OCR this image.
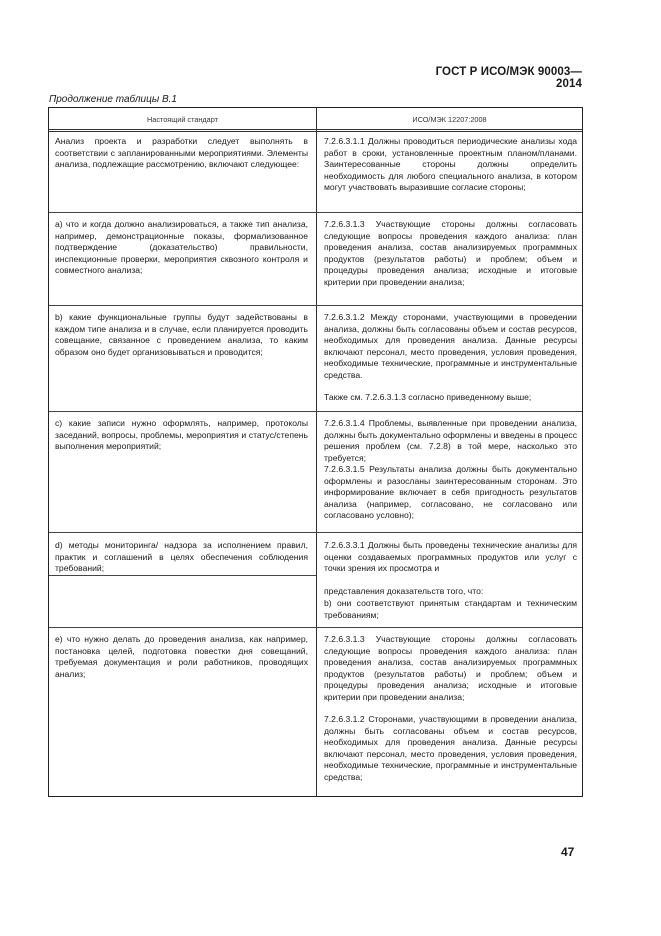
ГОСТ Р ИСО/МЭК 90003—2014
Продолжение таблицы В.1
Настоящий стандарт	ИСО/МЭК 12207:2008
Анализ проекта и разработки следует выполнять в соответствии с запланированными мероприятиями. Элементы анализа, подлежащие рассмотрению, включают следующее:
7.2.6.3.1.1 Должны проводиться периодические анализы хода работ в сроки, установленные проектным планом/планами. Заинтересованные стороны должны определить необходимость для любого специального анализа, в котором могут участвовать выразившие согласие стороны;
a) что и когда должно анализироваться, а также тип анализа, например, демонстрационные показы, формализованное подтверждение (доказательство) правильности, инспекционные проверки, мероприятия сквозного контроля и совместного анализа;
7.2.6.3.1.3 Участвующие стороны должны согласовать следующие вопросы проведения каждого анализа: план проведения анализа, состав анализируемых программных продуктов (результатов работы) и проблем; объем и процедуры проведения анализа; исходные и итоговые критерии при проведении анализа;
b) какие функциональные группы будут задействованы в каждом типе анализа и в случае, если планируется проводить совещание, связанное с проведением анализа, то каким образом оно будет организовываться и проводится;
7.2.6.3.1.2 Между сторонами, участвующими в проведении анализа, должны быть согласованы объем и состав ресурсов, необходимых для проведения анализа. Данные ресурсы включают персонал, место проведения, условия проведения, необходимые технические, программные и инструментальные средства.
Также см. 7.2.6.3.1.3 согласно приведенному выше;
c) какие записи нужно оформлять, например, протоколы заседаний, вопросы, проблемы, мероприятия и статус/степень выполнения мероприятий;
7.2.6.3.1.4 Проблемы, выявленные при проведении анализа, должны быть документально оформлены и введены в процесс решения проблем (см. 7.2.8) в той мере, насколько это требуется;
7.2.6.3.1.5 Результаты анализа должны быть документально оформлены и разосланы заинтересованным сторонам. Это информирование включает в себя пригодность результатов анализа (например, согласовано, не согласовано или согласовано условно);
d) методы мониторинга/ надзора за исполнением правил, практик и соглашений в целях обеспечения соблюдения требований;
7.2.6.3.3.1 Должны быть проведены технические анализы для оценки создаваемых программных продуктов или услуг с точки зрения их просмотра и
представления доказательств того, что:
b) они соответствуют принятым стандартам и техническим требованиям;
e) что нужно делать до проведения анализа, как например, постановка целей, подготовка повестки дня совещаний, требуемая документация и роли работников, проводящих анализ;
7.2.6.3.1.3 Участвующие стороны должны согласовать следующие вопросы проведения каждого анализа: план проведения анализа, состав анализируемых программных продуктов (результатов работы) и проблем; объем и процедуры проведения анализа; исходные и итоговые критерии при проведении анализа;
7.2.6.3.1.2 Сторонами, участвующими в проведении анализа, должны быть согласованы объем и состав ресурсов, необходимых для проведения анализа. Данные ресурсы включают персонал, место проведения, условия проведения, необходимые технические, программные и инструментальные средства;
47
